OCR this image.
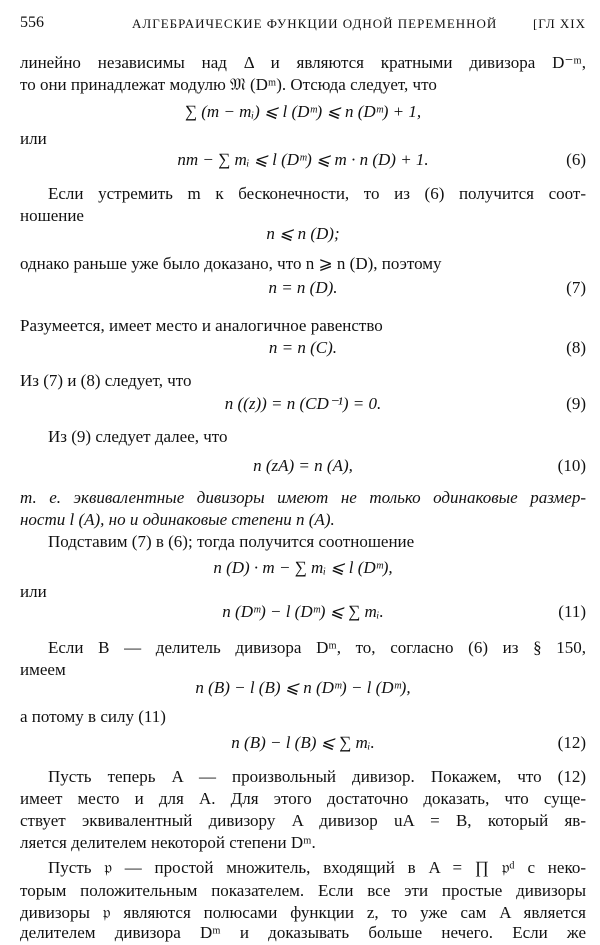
556	АЛГЕБРАИЧЕСКИЕ ФУНКЦИИ ОДНОЙ ПЕРЕМЕННОЙ	[ГЛ XIX
линейно независимы над Δ и являются кратными дивизора D⁻ᵐ,
то они принадлежат модулю 𝔐 (Dᵐ). Отсюда следует, что
∑ (m − mᵢ) ⩽ l (Dᵐ) ⩽ n (Dᵐ) + 1,
или
nm − ∑ mᵢ ⩽ l (Dᵐ) ⩽ m · n (D) + 1.	(6)
Если устремить m к бесконечности, то из (6) получится соот-
ношение
n ⩽ n (D);
однако раньше уже было доказано, что n ⩾ n (D), поэтому
n = n (D).	(7)
Разумеется, имеет место и аналогичное равенство
n = n (C).	(8)
Из (7) и (8) следует, что
n ((z)) = n (CD⁻¹) = 0.	(9)
Из (9) следует далее, что
n (zA) = n (A),	(10)
т. е. эквивалентные дивизоры имеют не только одинаковые размер-
ности l (A), но и одинаковые степени n (A).
Подставим (7) в (6); тогда получится соотношение
n (D) · m − ∑ mᵢ ⩽ l (Dᵐ),
или
n (Dᵐ) − l (Dᵐ) ⩽ ∑ mᵢ.	(11)
Если B — делитель дивизора Dᵐ, то, согласно (6) из § 150,
имеем
n (B) − l (B) ⩽ n (Dᵐ) − l (Dᵐ),
а потому в силу (11)
n (B) − l (B) ⩽ ∑ mᵢ.	(12)
Пусть теперь A — произвольный дивизор. Покажем, что (12)
имеет место и для A. Для этого достаточно доказать, что суще-
ствует эквивалентный дивизору A дивизор uA = B, который яв-
ляется делителем некоторой степени Dᵐ.
Пусть 𝔭 — простой множитель, входящий в A = ∏ 𝔭ᵈ с неко-
торым положительным показателем. Если все эти простые дивизоры
дивизоры 𝔭 являются полюсами функции z, то уже сам A является
делителем дивизора Dᵐ и доказывать больше нечего. Если же
